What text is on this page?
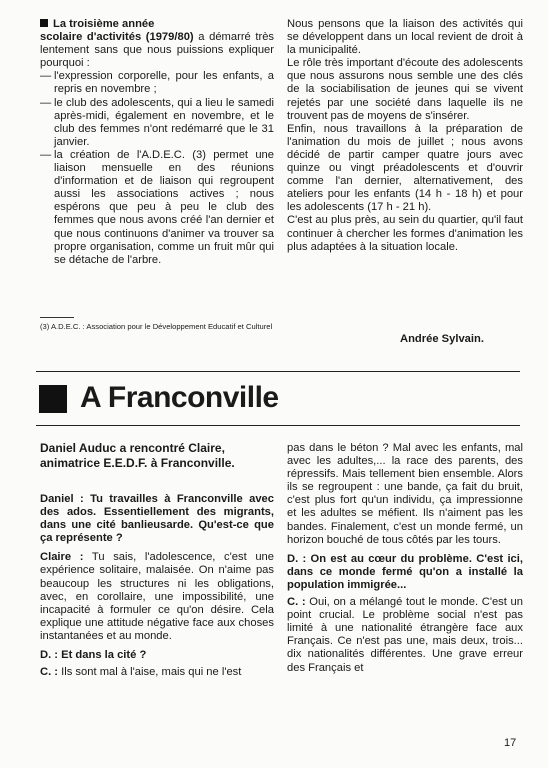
La troisième année

scolaire d'activités (1979/80) a démarré très lentement sans que nous puissions expliquer pourquoi :

— l'expression corporelle, pour les enfants, a repris en novembre ;
— le club des adolescents, qui a lieu le samedi après-midi, également en novembre, et le club des femmes n'ont redémarré que le 31 janvier.
— la création de l'A.D.E.C. (3) permet une liaison mensuelle en des réunions d'information et de liaison qui regroupent aussi les associations actives ; nous espérons que peu à peu le club des femmes que nous avons créé l'an dernier et que nous continuons d'animer va trouver sa propre organisation, comme un fruit mûr qui se détache de l'arbre.
(3) A.D.E.C. : Association pour le Développement Educatif et Culturel

Nous pensons que la liaison des activités qui se développent dans un local revient de droit à la municipalité.

Le rôle très important d'écoute des adolescents que nous assurons nous semble une des clés de la sociabilisation de jeunes qui se vivent rejetés par une société dans laquelle ils ne trouvent pas de moyens de s'insérer.

Enfin, nous travaillons à la préparation de l'animation du mois de juillet ; nous avons décidé de partir camper quatre jours avec quinze ou vingt préadolescents et d'ouvrir comme l'an dernier, alternativement, des ateliers pour les enfants (14 h - 18 h) et pour les adolescents (17 h - 21 h).

C'est au plus près, au sein du quartier, qu'il faut continuer à chercher les formes d'animation les plus adaptées à la situation locale.

Andrée Sylvain.
A Franconville

Daniel Auduc a rencontré Claire, animatrice E.E.D.F. à Franconville.

Daniel : Tu travailles à Franconville avec des ados. Essentiellement des migrants, dans une cité banlieusarde. Qu'est-ce que ça représente ?

Claire : Tu sais, l'adolescence, c'est une expérience solitaire, malaisée. On n'aime pas beaucoup les structures ni les obligations, avec, en corollaire, une impossibilité, une incapacité à formuler ce qu'on désire. Cela explique une attitude négative face aux choses instantanées et au monde.

D. : Et dans la cité ?

C. : Ils sont mal à l'aise, mais qui ne l'est

pas dans le béton ? Mal avec les enfants, mal avec les adultes,... la race des parents, des répressifs. Mais tellement bien ensemble. Alors ils se regroupent : une bande, ça fait du bruit, c'est plus fort qu'un individu, ça impressionne et les adultes se méfient. Ils n'aiment pas les bandes. Finalement, c'est un monde fermé, un horizon bouché de tous côtés par les tours.

D. : On est au cœur du problème. C'est ici, dans ce monde fermé qu'on a installé la population immigrée...

C. : Oui, on a mélangé tout le monde. C'est un point crucial. Le problème social n'est pas limité à une nationalité étrangère face aux Français. Ce n'est pas une, mais deux, trois... dix nationalités différentes. Une grave erreur des Français et

17
